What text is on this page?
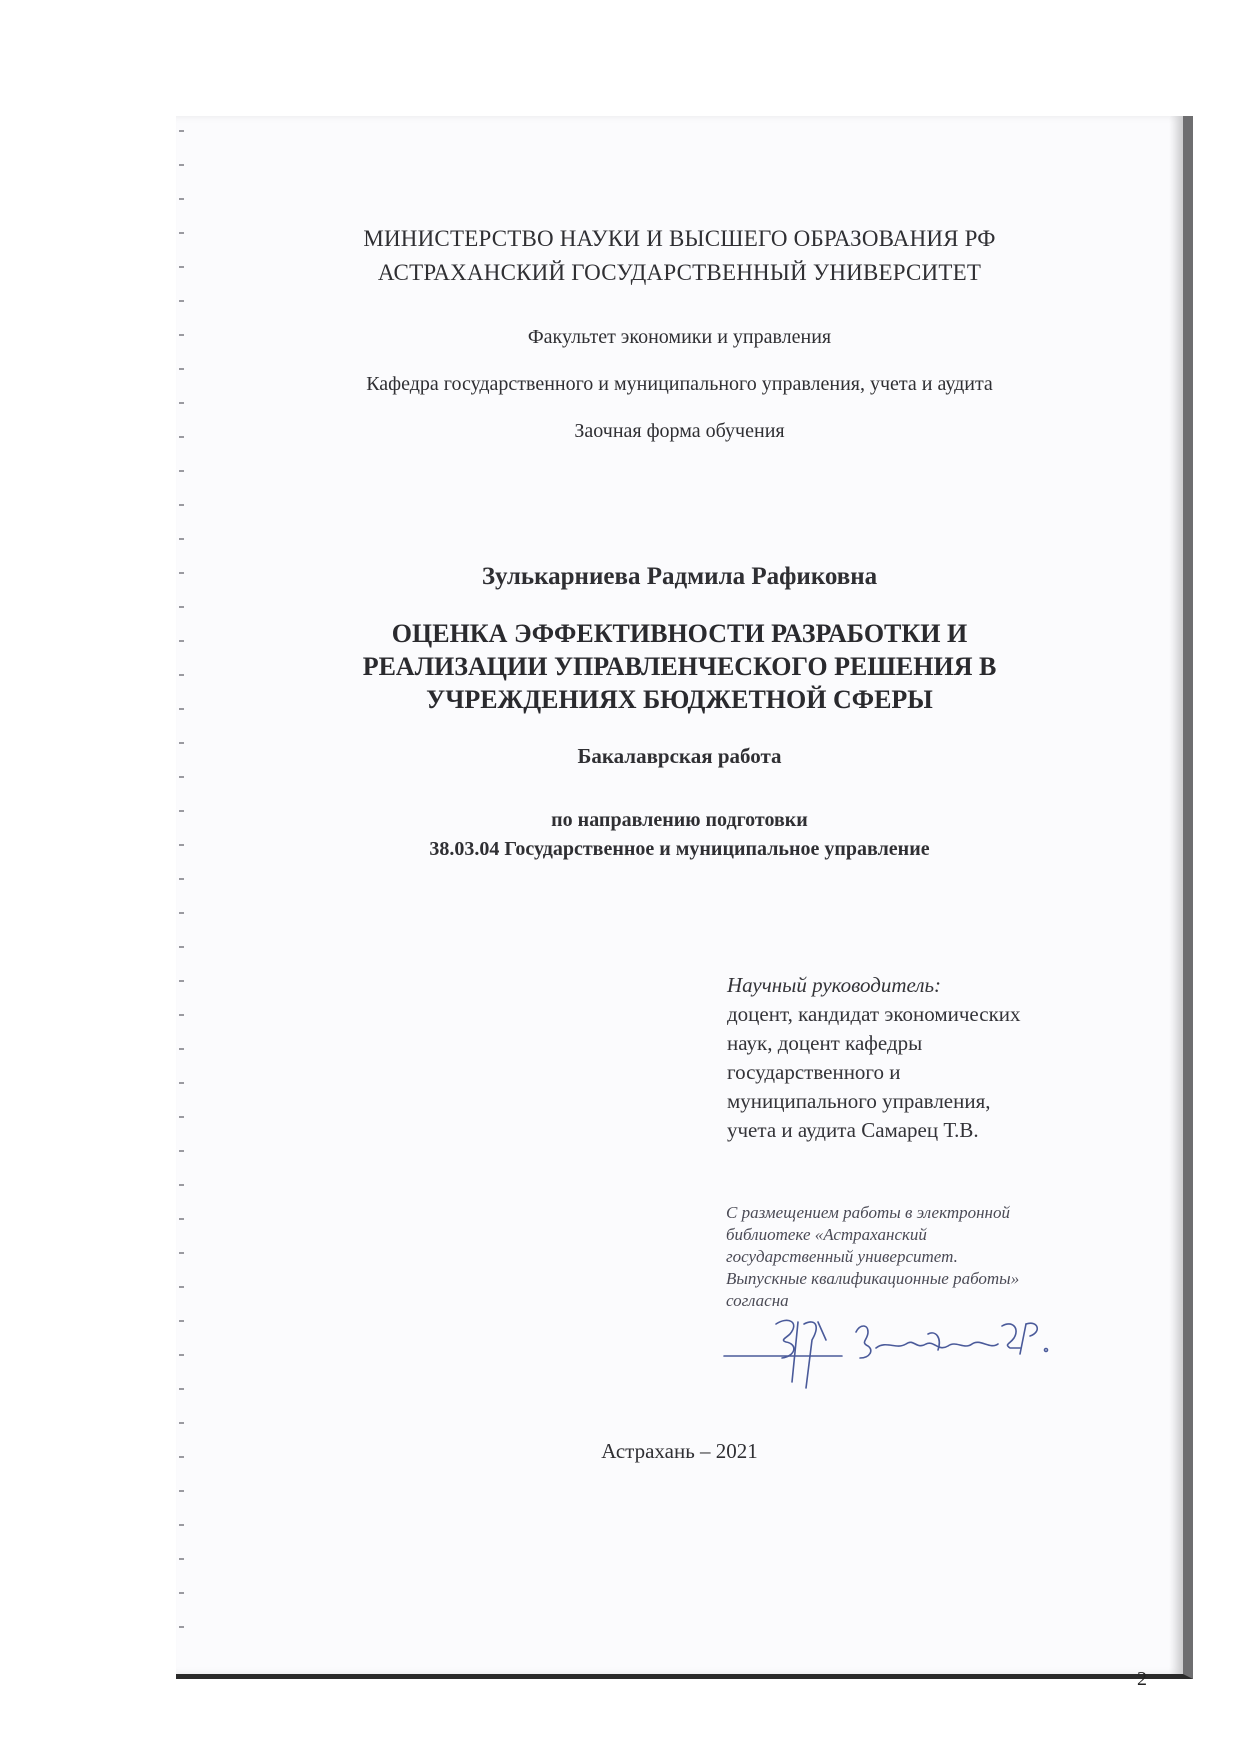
МИНИСТЕРСТВО НАУКИ И ВЫСШЕГО ОБРАЗОВАНИЯ РФ
АСТРАХАНСКИЙ ГОСУДАРСТВЕННЫЙ УНИВЕРСИТЕТ
Факультет экономики и управления
Кафедра государственного и муниципального управления, учета и аудита
Заочная форма обучения
Зулькарниева Радмила Рафиковна
ОЦЕНКА ЭФФЕКТИВНОСТИ РАЗРАБОТКИ И
РЕАЛИЗАЦИИ УПРАВЛЕНЧЕСКОГО РЕШЕНИЯ В
УЧРЕЖДЕНИЯХ БЮДЖЕТНОЙ СФЕРЫ
Бакалаврская работа
по направлению подготовки
38.03.04 Государственное и муниципальное управление
Научный руководитель:
доцент, кандидат экономических
наук, доцент кафедры
государственного и
муниципального управления,
учета и аудита Самарец Т.В.
С размещением работы в электронной
библиотеке «Астраханский
государственный университет.
Выпускные квалификационные работы»
согласна
Астрахань – 2021
2
